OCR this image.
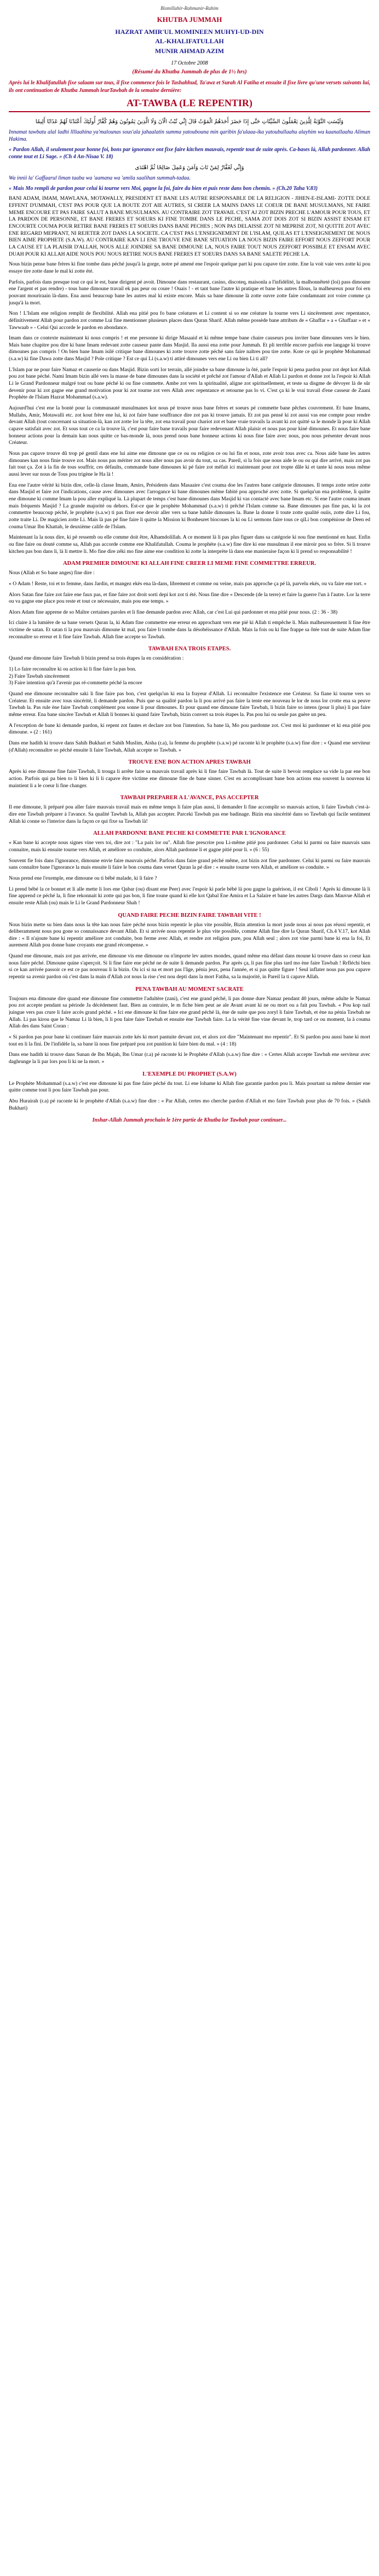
Bismillahir-Rahmanir-Rahim
KHUTBA JUMMAH
HAZRAT AMIR'UL MOMINEEN MUHYI-UD-DIN
AL-KHALIFATULLAH
MUNIR AHMAD AZIM
17 Octobre 2008
(Résumé du Khutba Jummah de plus de 1½ hrs)
Après lui le Khalifatullah fixe salaam sur tous, il fixe commence fois le Tashahhud, Ta'awz et Surah Al Fatiha et ensuite il fixe livre qu'une versets suivants lui, ils ont continuation de Khutba Jummah leurTawbah de la semaine dernière:
AT-TAWBA (LE REPENTIR)
وَلَيْسَتِ التَّوْبَةُ لِلَّذِينَ يَعْمَلُونَ السَّيِّئَاتِ حَتَّى إِذَا حَضَرَ أَحَدَهُمُ الْمَوْتُ قَالَ إِنِّي تُبْتُ الْآنَ وَلَا الَّذِينَ يَمُوتُونَ وَهُمْ كُفَّارٌ أُولَئِكَ أَعْتَدْنَا لَهُمْ عَذَابًا أَلِيمًا
Innamat tawbatu alal ladhi llllaahina ya'malounas sous'ala jahaalatin summa yatoubouna min qaribin fa'ulaaa-ika yatoubullaahu alayhim wa kaanallaahu Aliman Hakima.
« Pardon Allah, il seulement pour bonne foi, bons par ignorance ont fixe faire kitchen mauvais, repentir tout de suite après. Ca-bases là, Allah pardonner. Allah conne tout et Li Sage. » (Ch 4 An-Nisaa V. 18)
وَإِنِّي لَغَفَّارٌ لِمَنْ تَابَ وَآمَنَ وَعَمِلَ صَالِحًا ثُمَّ اهْتَدَى
Wa innii la' Gaffaarul liman taaba wa 'aamana wa 'amila saalihan summah-tadaa.
« Mais Mo rempli de pardon pour celui ki tourne vers Moi, gagne la foi, faire du bien et puis reste dans bon chemin. » (Ch.20 Taha V.83)

BANI ADAM, IMAM, MAWLANA, MOTAWALLY, PRESIDENT ET BANE LES AUTRE RESPONSABLE DE LA RELIGION - JIHEN-E-ISLAMI- ZOTTE DOLE EFFENT D'UMMAH, C'EST PAS POUR QUE LA BOUTE ZOT AIE AUTRES, SI CREER LA MAINS DANS LE COEUR DE BANE MUSULMANS, NE FAIRE MEME ENCOURE ET PAS FAIRE SALUT A BANE MUSULMANS. AU CONTRAIRE ZOT TRAVAIL C'EST AJ ZOT BIZIN PRECHE L'AMOUR POUR TOUS, ET LA PARDON DE PERSONNE, ET BANE FRERES ET SOEURS KI FINE TOMBE DANS LE PECHE, SAMA ZOT DOIS ZOT SI BIZIN ASSIST ENSAM ET ENCOURTE COUMA POUR RETIRE BANE FRERES ET SOEURS DANS BANE PECHES ; NON PAS DELAISSE ZOT NI MEPRISE ZOT, NI QUITTE ZOT AVEC ENE REGARD MEPRANT, NI REJETER ZOT DANS LA SOCIETE. CA C'EST PAS L'ENSEIGNEMENT DE L'ISLAM, QUILAS ET L'ENSEIGNEMENT DE NOUS BIEN AIME PROPHETE (S.A.W). AU CONTRAIRE KAN LI ENE TROUVE ENE BANE SITUATION LA NOUS BIZIN FAIRE EFFORT NOUS ZEFFORT POUR LA CAUSE ET LA PLAISIR D'ALLAH, NOUS ALLE JOINDRE SA BANE DIMOUNE LA, NOUS FAIRE TOUT NOUS ZEFFORT POSSIBLE ET ENSAM AVEC DUAH POUR KI ALLAH AIDE NOUS POU NOUS RETIRE NOUS BANE FRERES ET SOEURS DANS SA BANE SALETE PECHE LA.

Nous bizin pense bane frères ki fine tombe dans péché jusqu'à la gorge, notre pé amené ene l'espoir quelque part ki pou capave tire zotte. Ene la voit vaie vers zotte ki pou essaye tire zotte dane le mal ki zotte été.

Parfois, parfois dans presque tout ce qui le est, bane dirigent pé avoit. Dimoune dans restaurant, casino, discoteq, maisonla a l'infidélité, la malhonnêteté (loi) pass dimoune ene l'argent et pas rendre) - tous bane dimoune travail ek pas peur ou coure ! Ouais ! - et tant bane l'autre ki pratique et bane les autres filous, la malheureux pour foi ern pouvant mouriraain là-dans. Ena aussi beaucoup bane les autres mal ki existe encore. Mais sa bane dimoune là zotte ouvre zotte faire condamnant zot voire comme ça jusqu'à la mort.

Non ! L'Islam ene religion remplit de flexibilité. Allah ena pitié pou fo bane créatures et Li content si so ene créature la tourne vers Li sincèrement avec repentance, définitivement Allah pour pardon zot comme Lui fine mentionner plusieurs places dans Quran Sharif. Allah même possède bane attributs de « Ghaffar » a « Ghaffaar » et « Tawwaab » - Celui Qui accorde le pardon en abondance.

Imam dans ce contexte maintenant ki nous compris ! et ene personne ki dirige Masaaid et ki même tempe bane chaire causeurs pou inviter bane dimounes vers le bien. Mais bane chapitre pou dire ki bane Imam redevant zotte causeur pante dans Masjid. Ila aussi ena zotte pour Jummah. Et pli terrible encore parfois ene langage ki trouve dimounes pas compris ! On bien bane Imam isilé critique bane dimounes ki zotte trouve zotte péché sans faire naîtres pou tire zotte. Kote ce qui le prophète Mohammad (s.a.w) ki fine Dawa zotte dans Masjid ? Pole critique ? Est ce qui Li (s.a.w) ti attiré dimounes vers ene Li ou bien Li ti all?

L'Islam par ne pour faire Namaz et causerie ou dans Masjid. Bizin sorti lor terrain, allé joindre sa bane dimoune la ôté, parle l'espoir ki pena pardon pour zot dept kot Allah pou zot bane péché. Nami Imam bizin allé vers la masse de bane dimounes dans la société et prêché zot l'amour d'Allah et Allah Li pardon et donne zot la l'espoir ki Allah Li le Grand Pardonneur malgré tout ou bane péché ki ou fine commette. Ambe zot vers la spiritualité, aligne zot spirituellement, et teste sa disgme de dévoyer là de sûr devenir pour ki zot gagne ene grand motivation pour ki zot tourne zot vers Allah avec repentance et retourne pas lo vi. C'est ça ki le vrai travail d'ene casseur de Zaani Prophète de l'Islam Hazrat Mohammad (s.a.w).

Aujourd'hui c'est ene la bonté pour la communauté musulmanes kot nous pé trouve nous bane frères et soeurs pé commette bane pêches couvrement. Et bane Imams, Mullahs, Amir, Motawalli etc. zot kout frère ene lui, ki zot faire bane souffrance dire zot pas ki trouve jamais. Et zot pas pensé ki zot aussi vas ene compte pour rendre devant Allah (tout concernant sa situation-là, kan zot zotte lor la tête, zot ena travail pour chariot zot et bane vraie travails la avant ki zot quitté sa le monde là pour ki Allah capave satisfait avec zot. Et sous tout ce ca la trouve là, c'est pour faire bane travails pour faire redevenant Allah plaisir et nous pas pour kiné dimounes. Et nous faire bane honneur actions pour la demain kan nous quitte ce bas-monde là, nous prend nous bane honneur actions ki nous fine faire avec nous, pou nous présenter devant nous Créateur.

Nous pas capave trouve dû trop pé gentil dans ene lui aime ene dimoune que ce ou ou religion ce ou lui fin et nous, zote avoir tous avec ca. Nous aide bane les autres dimounes kan nous finie trouve zot. Mais nous pas mériter zot nous aller nous pas avoir du tout, sa cas. Pareil, si la fois que nous aide le ou ou qui dire arrivé, mais zot pas fait tout ça. Zot à la fin de tous souffrir, ces défaults, commande bane dimounes ki pé faire zot méfait ici maintenant pour zot tropte dâle ki et tante ki nous nous même aussi lever sur nous de Tous pou trigène le Ha là !

Ena ene l'autre vérité ki bizin dire, celle-là classe Imam, Amirs, Présidents dans Masaaire c'est couma doe les l'autres bane catégorie dimounes. Il temps zotte retire zotte dans Masjid et faire zot l'indications, cause avec dimounes avec l'arrogance ki bane dimounes même fabité pou approché avec zotte. Si quelqu'un ena problème, li quitte ene dimoune ki comme Imam la pou aller expliqué la. Là plupart de temps c'est bane dimounes dans Masjid ki vas contacté avec bane Imam etc. Si ene l'autre couma imam mais fréquents Masjid ? La grande majorité ou dehors. Est-ce que le prophète Mohammad (s.a.w) ti prêché l'Islam comme sa. Bane dimounes pas fine pas, ki la zot commettre beaucoup péché, le prophète (s.a.w) ti pas fixer ene devoir aller vers sa bane habile dimounes la. Bane la donne li toute zotte qualité ouiis, zotte dire Li fou, zotte traite Li. De magicien zotte Li. Mais là pas pé fine faire li quitte la Mission ki Bonheuret biocoues la ki ou Li sermons faire tous ce qiLi bon compéniose de Deen ed couma Umar Ibn Khattab, le deuxième calife de l'Islam.

Maintenant la la nous dire, ki pè ressemb ou elle comme doit être, Alhamdolillah. A ce moment là li pas plus figuer dans sa catégorie ki nou fine mentionné en haut. Enfin ou fine faire ou douté comme sa, Allah pas accorde comme ene Khalifatullah. Couma le prophète (s.a.w) fine dire ki ene musulman il ene miroir pou so frère. Si li trouve kitchen pas bon dans li, là li mettre li. Mo fine dire zéki mo fine aime ene condition ki zotte la interprète là dans ene manieraise façon ki li prend so responsabilité !

ADAM PREMIER DIMOUNE KI ALLAH FINE CREER LI MEME FINE COMMETTRE ERREUR.

Nous (Allah et So bane anges) fine dire :

« O Adam ! Reste, toi et to femme, dans Jardin, et mangez ekès ena là-dans, librement et comme ou veine, mais pas approche ça pé là, parvelu ekés, ou va faire ene tort. »

Alors Satan fine faire zot faire ene faux pas, et fine faire zot droit sorti depi kot zot ti été. Nous fine dire « Descende (de la terre) et faire la guerre l'un à l'autre. Lor la terre ou va gagne ene place pou reste et tout ce nécessaire, mais pou ene temps. »

Alors Adam fine apprene de so Maître certaines paroles et li fine demande pardon avec Allah, car c'est Lui qui pardonner et ena pitié pour nous. (2 : 36 - 38)

Ici claire à la lumière de sa bane versets Quran la, ki Adam fine commettre ene erreur en approchant vers ene pié ki Allah ti empêche li. Mais malheureusement li fine être victime de satan. Et satan ti la pou mauvais dimoune kt mal, pou faire li tombe dans la désobéissance d'Allah. Mais la fois ou ki fine frappe sa ôtée tout de suite Adam fine reconnaître so erreur et li fine faire Tawbah. Allah fine accepte so Tawbah.

TAWBAH ENA TROIS ETAPES.

Quand ene dimoune faire Tawbah li bizin prend sa trois étapes la en considération :

1) Lo faire reconnaître ki ou action ki li fine faire la pas bon.
2) Faire Tawbah sincèrement
3) Faire intention qu'à l'avenir pas ré-commette péché la encore

Quand ene dimoune reconnaître saki li fine faire pas bon, c'est quelqu'un ki ena la frayeur d'Allah. Li reconnaître l'existence ene Créateur. Sa fiane ki tourne vers so Créateur. Et ensuite avec tous sincérité, li demande pardon. Puis que sa qualité pardon la li pou arrivé pas faire la tente ene nouveau le lor de nous lor crotte ena sa peuve Tawbah la. Pas rule ène faire Tawbah complément pou sonne li pour dimounes. Et pour quand ene dimoune faire Tawbah, li bizin faire so intens (pour li plus) li pas faire même erreur. Ena bane sincère Tawbah et Allah li bonnes ki quand faire Tawbah, bizin convert sa trois étapes la. Pas pou lui ou seule pas guère un peu.

A l'exception de bane ki demande pardon, ki repent zot fautes et declare zot bon l'intention. Sa bane là, Mo pou pardonne zot. C'est moi ki pardonner et ki ena pitié pou dimoune. » (2 : 161)

Dans ene hadith ki trouve dans Sahih Bukhari et Sahih Muslim, Aisha (r.a), la femme du prophète (s.a.w) pé raconte ki le prophète (s.a.w) fine dire : « Quand ene serviteur (d'Allah) reconnaître so péché ensuite li faire Tawbah, Allah accepte so Tawbah. »

TROUVE ENE BON ACTION APRES TAWBAH

Après ki ene dimoune fine faire Tawbah, li trouga li arrête faire sa mauvais travail après ki li fine faire Tawbah là. Tout de suite li bevoir remplace sa vide la par ene bon action. Parfois qui pa bien to li bien ki li li capave être victime ene dimoune fine de bane sinner. C'est en accomplissant bane bon actions ena souvent la nouveau ki maintient li a le coeur li fine changer.

TAWBAH PREPARER A L'AVANCE, PAS ACCEPTER

Il ene dimoune, li préparé pou aller faire mauvais travail mais en même temps li faire plan aussi, li demander li fine accomplir so mauvais action, li faire Tawbah c'est-à-dire ene Tawbah préparer à l'avance. Sa qualité Tawbah la, Allah pas accepter. Parceki Tawbah pas ene badinage. Bizin ena sincérité dans so Tawbah qui facile sentiment Allah ki conne so l'interior dans la façon ce qui fixe sa Tawbah là!

ALLAH PARDONNE BANE PECHE KI COMMETTE PAR L'IGNORANCE

« Kan bane ki accepte nous signes vine vers toi, dire zot : "La paix lor ou". Allah fine prescrire pou Li-même pitié pou pardonner. Celui ki parmi ou faire mauvais sans connaitre, mais ki ensuite tourne vers Allah, et améliore so conduite, alors Allah pardonne li et gagne pitié pour li. » (6 : 55)

Souvent fie fois dans l'ignorance, dimoune envie faire mauvais péché. Parfois dans faire grand péché même, zot bizin zot fine pardonner. Celui ki parmi ou faire mauvais sans connaître bane l'ignorance la mais ensuite li faire le bon couma dans verset Quran la pé dire : « ensuite tourne vers Allah, et améliore so conduite. »

Nous prend ene l'exemple, ene dimoune ou ti bébé malade, ki li faire ?

Li prend bébé la ce bonnet et li alle mette li lors ene Qabar (ou) disant ene Peer) avec l'espoir ki parle bébé là pou gagne la guérison, il est Ciboli ! Après ki dimoune là li fine apprend ce péché la, li fine rekonnait ki zotte qui pas bon, li fine toune quand ki elle kot Qabal Ene Amira et La Salaire et bane les autres Dargs dans Mauvue Allah et ensuite reste Allah (ou) mais le Li le Grand Pardonneur Shah !

QUAND FAIRE PECHE BIZIN FAIRE TAWBAH VITE !

Nous bizin mette su bien dans nous la tête kan nous faire péché nous bizin repentir le plus vite possible, Bizin attention la mort jusde nous ai nous pas réussi repentir, et deliberamment nous pou gone so connaissance devant Allah. Et si arrivée nous repentie le plus vite possible, comme Allah fine dire la Quran Sharif, Ch.4 V.17, kot Allah dire : « Il n'ajoute bane ki repentir améliore zot conduite, bon ferme avec Allah, et rendre zot religion pure, pou Allah seul ; alors zot vine parmi bane ki ena la foi, Et aurement Allah pou donne bane croyants ene grand récompense. »

Quand ene dimoune, mais zot pas arrivée, ene dimoune vis ene dimoune ou n'importe lev autres mondes, quand même ena défaut dans moune ki trouve dans so coeur kan nous faire péché. Dimoune quine s'aperçoit. Si li fine faire ene péché ne de suite li demande pardon. Par après ça, li pas fine plus tard mo ène faire Tawbah ! Rrfléchi bien si ce kan arrivée passoir ce est ce pas nouveau li la bizin. Ou ici si na et mort pas l'âge, pénia jeux, pena l'année, et si pas quitte figure ! Seul inflater nous pas pou capave repentir sa avenir pardon où c'est dans la main d'Allah zot nous la rise c'est nou depti dans la mort Fatiha, sa la majorité, in Pareil la ti capave Allah.

PENA TAWBAH AU MOMENT SACRATE

Toujours ena dimoune dire quand ene dimoune fine commettre l'adultère (zani), c'est ene grand péché, li pas donne dure Namaz pendant 40 jours, même adulte le Namaz pou zot accepte pendant sa période Ja décèdement faut. Bien au contraire, le m fiche bien peut ae ale Avant avant ki ne ou mort ou a fait pou Tawbah. « Pou kop nail juingue vers pas crure li faire accès grand péché. » Ici ene dimoune ki fine faire ene grand péché là, ène de suite que pou zoryl li faire Tawbah, et ène na pénia Tawbah ne Allah. Li pas kirou que le Namaz Li là bien, li li pou faire faire Tawbah et ensuite ène Tawbah faire. La la vérité fine vine devant le, trop tard ce ou moment, la à couma Allah des dans Saint Coran :

« Si pardon pas pour bane ki continuer faire mauvais zotte kés ki mort pantuite devant zot, et alors zot dire "Maintenant mo repentir". Et Si pardon pou aussi bane ki mort tout en li la fini. De l'infidèle la, sa bane là nous fine préparé pou zot punition ki faire bien du mal. » (4 : 18)

Dans ene hadith ki trouve dans Sunan de Ibn Majah, Ibn Umar (r.a) pé raconte ki le Prophète d'Allah (s.a.w) fine dire : « Certes Allah accepte Tawbah ene serviteur avec daghrunge la li par lors pou li ki ne la mort. »

L'EXEMPLE DU PROPHET (S.A.W)

Le Prophète Mohammad (s.a.w) c'est ene dimoune ki pas fine faire péché du tout. Li ene lohame ki Allah fine garantie pardon pou li. Mais pourtant sa même dernier ene quitte comme tout li pou faire Tawbah pas pour.

Abu Hurairah (r.a) pé raconte ki le prophète d'Allah (s.a.w) fine dire : « Par Allah, certes mo cherche pardon d'Allah et mo faire Tawbah pour plus de 70 fois. » (Sahih Bukhari)

Inshar-Allah Jummah prochain le 1ère partie de Khutba lor Tawbah pour continuer...
